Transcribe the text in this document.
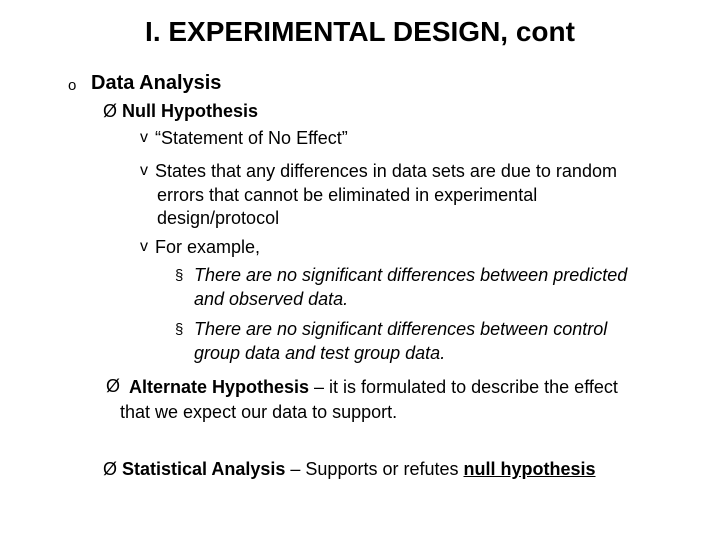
I. EXPERIMENTAL DESIGN, cont
o Data Analysis
Ø Null Hypothesis
v “Statement of No Effect”
v States that any differences in data sets are due to random
errors that cannot be eliminated in experimental
design/protocol
v For example,
§ There are no significant differences between predicted
and observed data.
§ There are no significant differences between control
group data and test group data.
Ø Alternate Hypothesis – it is formulated to describe the effect
that we expect our data to support.
Ø Statistical Analysis – Supports or refutes null hypothesis
